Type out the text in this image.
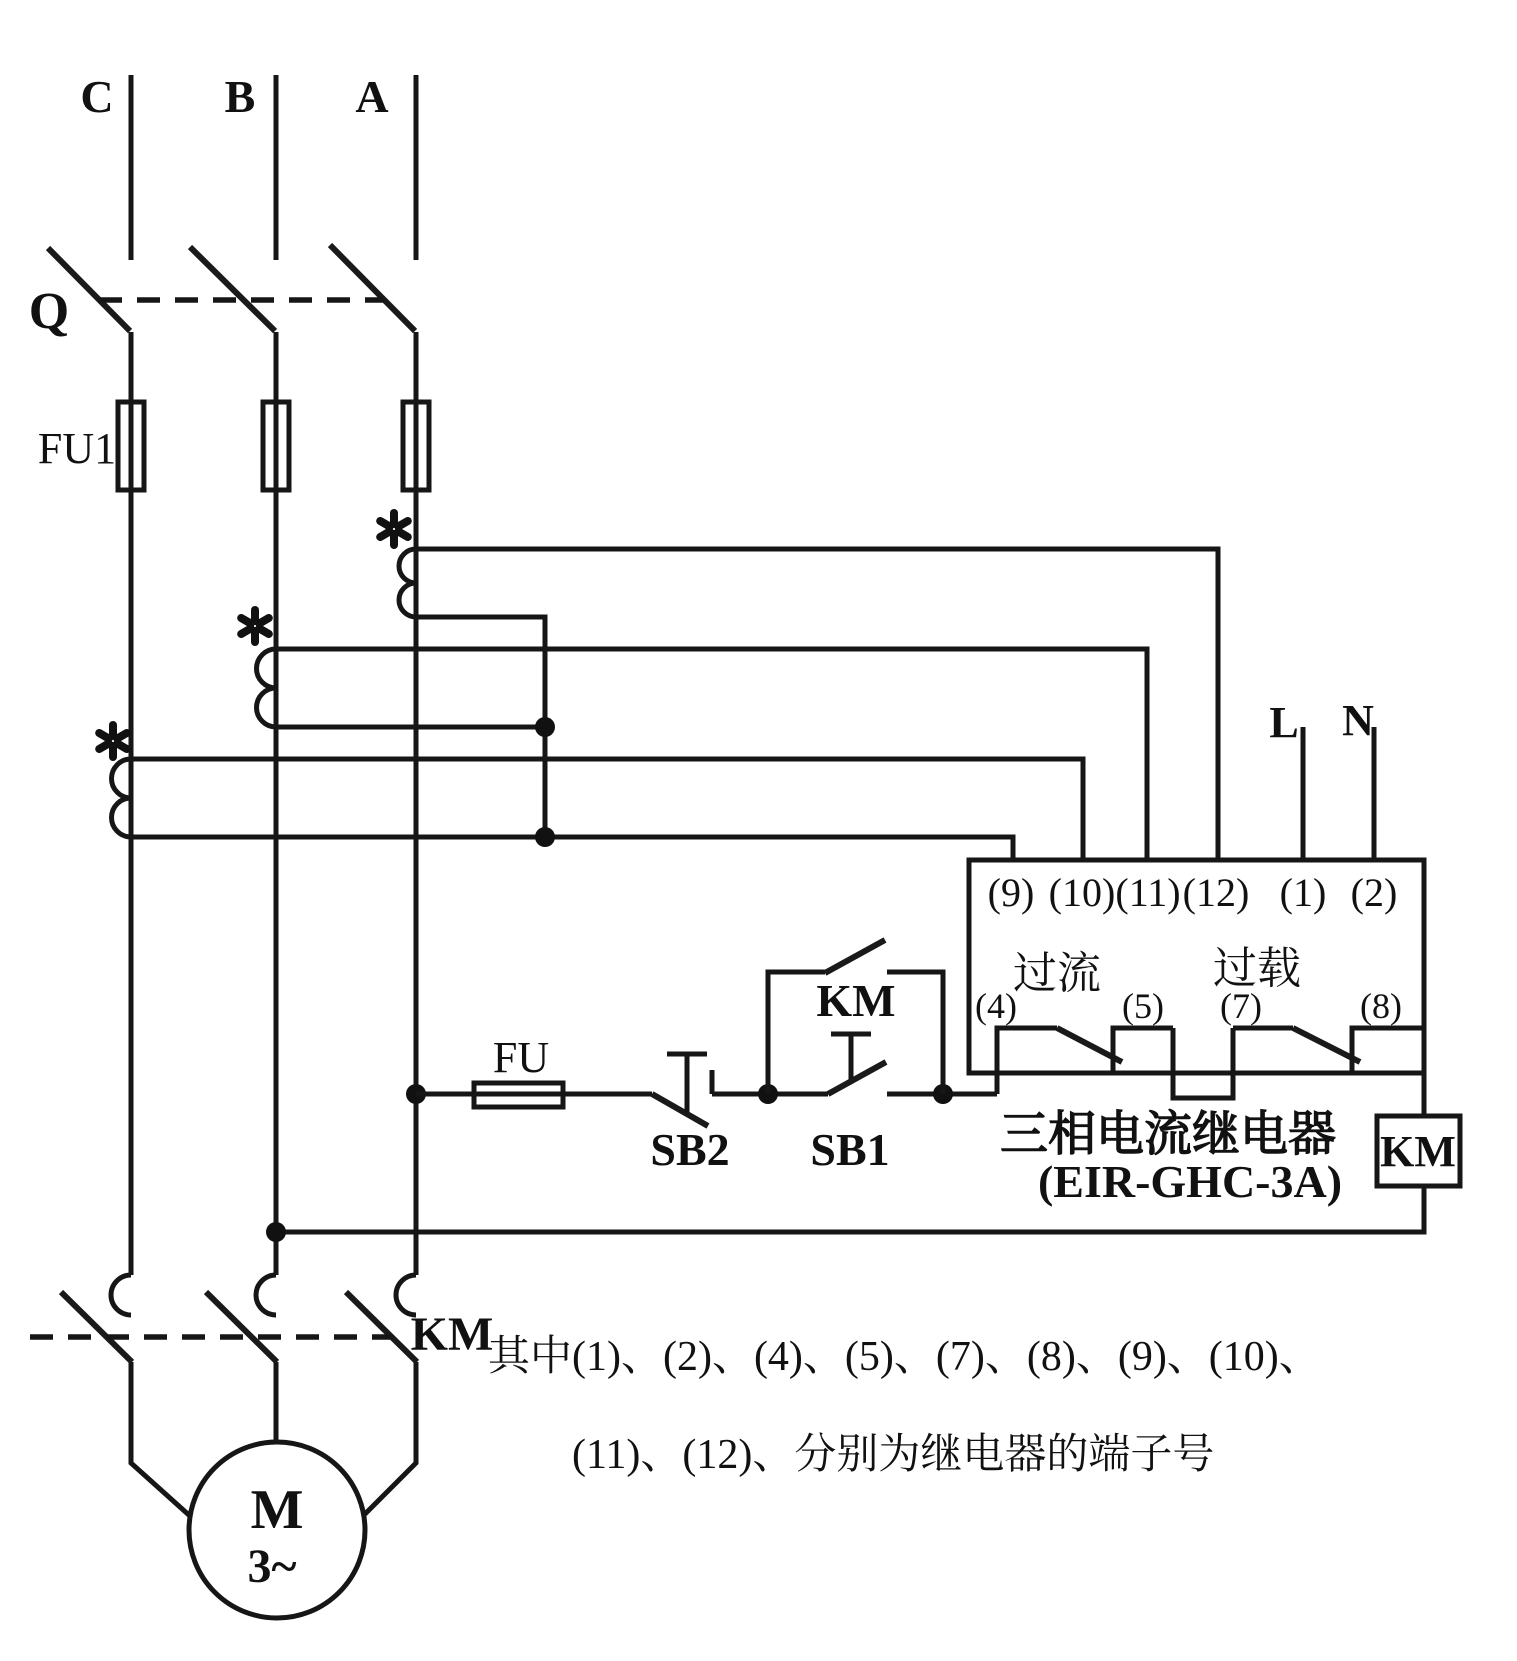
C B A
Q
FU1
L N
(9) (10) (11) (12) (1) (2)
过流	过载
(4)	(5) (7)	(8)
三相电流继电器
(EIR-GHC-3A)
FU
SB2 SB1
KM
KM
KM
M
3~
其中(1)、(2)、(4)、(5)、(7)、(8)、(9)、(10)、
(11)、(12)、分别为继电器的端子号
